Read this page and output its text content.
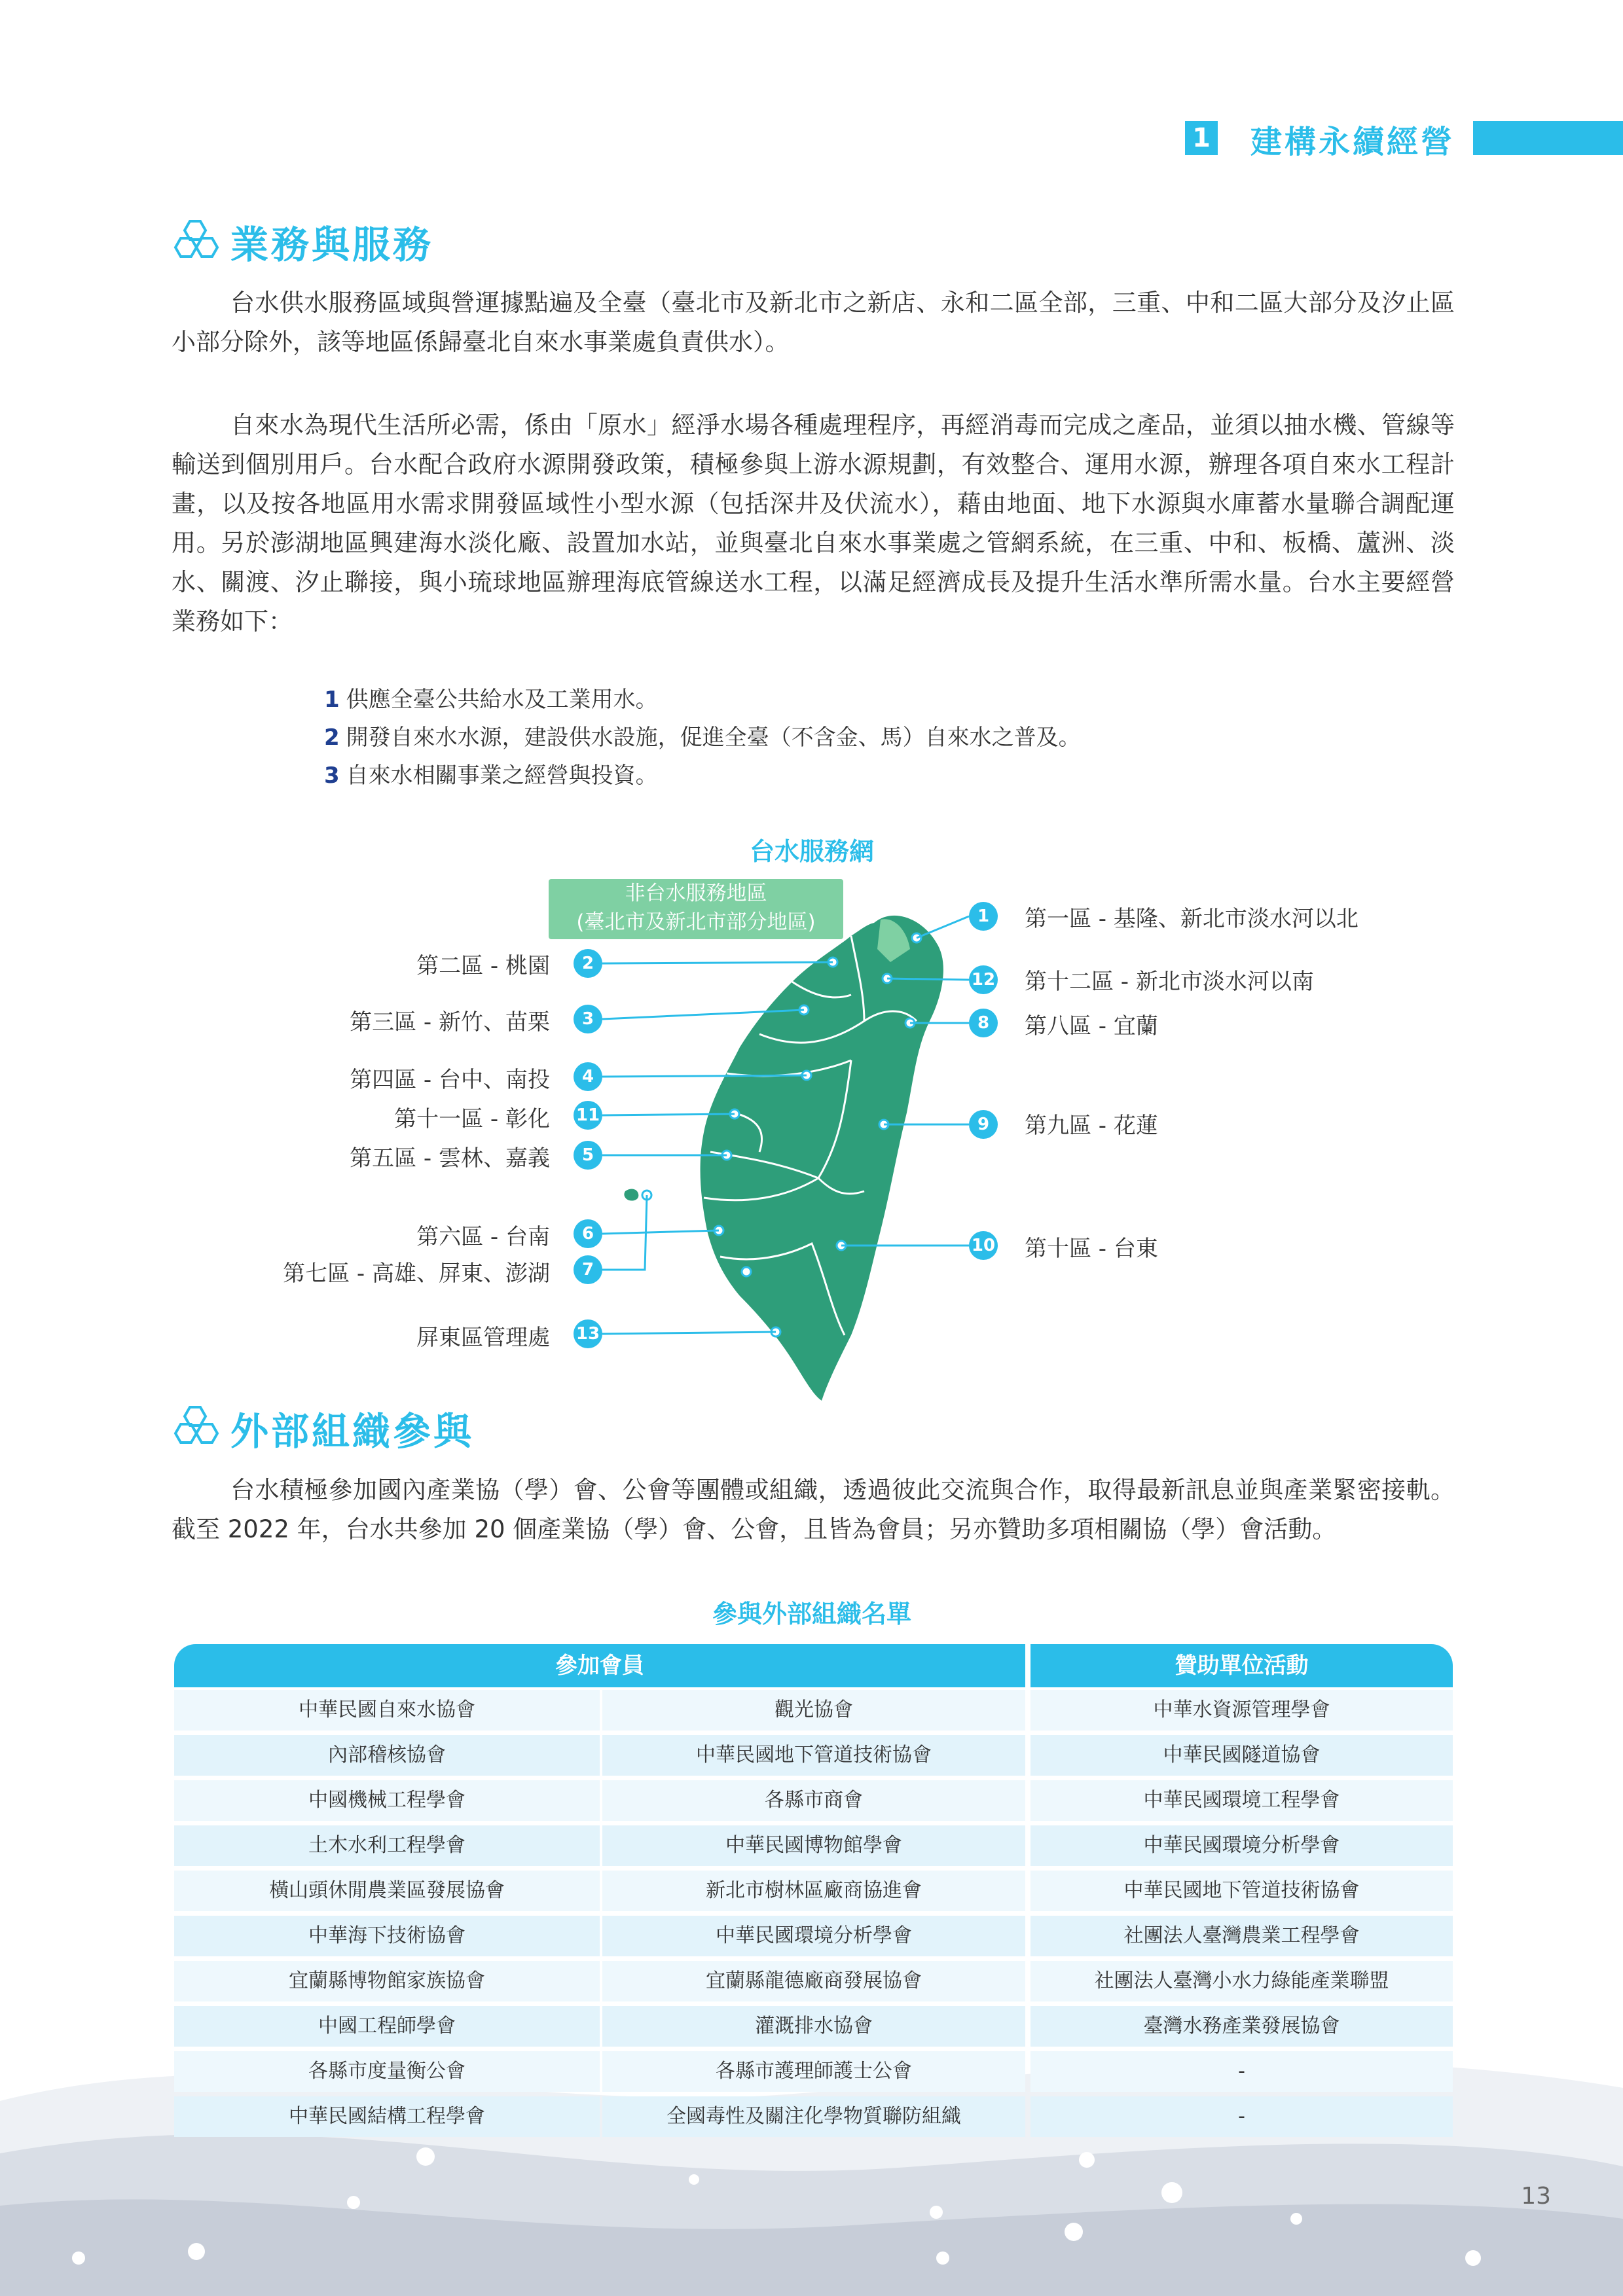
1 建構永續經營
業務與服務
台水供水服務區域與營運據點遍及全臺（臺北市及新北市之新店、永和二區全部，三重、中和二區大部分及汐止區小部分除外，該等地區係歸臺北自來水事業處負責供水）。
自來水為現代生活所必需，係由「原水」經淨水場各種處理程序，再經消毒而完成之產品，並須以抽水機、管線等輸送到個別用戶。台水配合政府水源開發政策，積極參與上游水源規劃，有效整合、運用水源，辦理各項自來水工程計畫，以及按各地區用水需求開發區域性小型水源（包括深井及伏流水），藉由地面、地下水源與水庫蓄水量聯合調配運用。另於澎湖地區興建海水淡化廠、設置加水站，並與臺北自來水事業處之管網系統，在三重、中和、板橋、蘆洲、淡水、關渡、汐止聯接，與小琉球地區辦理海底管線送水工程，以滿足經濟成長及提升生活水準所需水量。台水主要經營業務如下：
1 供應全臺公共給水及工業用水。
2 開發自來水水源，建設供水設施，促進全臺（不含金、馬）自來水之普及。
3 自來水相關事業之經營與投資。
台水服務網
非台水服務地區
(臺北市及新北市部分地區)
第二區 - 桃園	2
第三區 - 新竹、苗栗	3
第四區 - 台中、南投	4
第十一區 - 彰化 11
第五區 - 雲林、嘉義	5
第六區 - 台南	6
第七區 - 高雄、屏東、澎湖	7
屏東區管理處 13
1	第一區 - 基隆、新北市淡水河以北
12 第十二區 - 新北市淡水河以南
8	第八區 - 宜蘭
9	第九區 - 花蓮
10 第十區 - 台東
外部組織參與
台水積極參加國內產業協（學）會、公會等團體或組織，透過彼此交流與合作，取得最新訊息並與產業緊密接軌。截至 2022 年，台水共參加 20 個產業協（學）會、公會，且皆為會員；另亦贊助多項相關協（學）會活動。
參與外部組織名單
參加會員	贊助單位活動
中華民國自來水協會	觀光協會	中華水資源管理學會
內部稽核協會	中華民國地下管道技術協會	中華民國隧道協會
中國機械工程學會	各縣市商會	中華民國環境工程學會
土木水利工程學會	中華民國博物館學會	中華民國環境分析學會
橫山頭休閒農業區發展協會	新北市樹林區廠商協進會	中華民國地下管道技術協會
中華海下技術協會	中華民國環境分析學會	社團法人臺灣農業工程學會
宜蘭縣博物館家族協會	宜蘭縣龍德廠商發展協會	社團法人臺灣小水力綠能產業聯盟
中國工程師學會	灌溉排水協會	臺灣水務產業發展協會
各縣市度量衡公會	各縣市護理師護士公會	-
中華民國結構工程學會	全國毒性及關注化學物質聯防組織	-
13
